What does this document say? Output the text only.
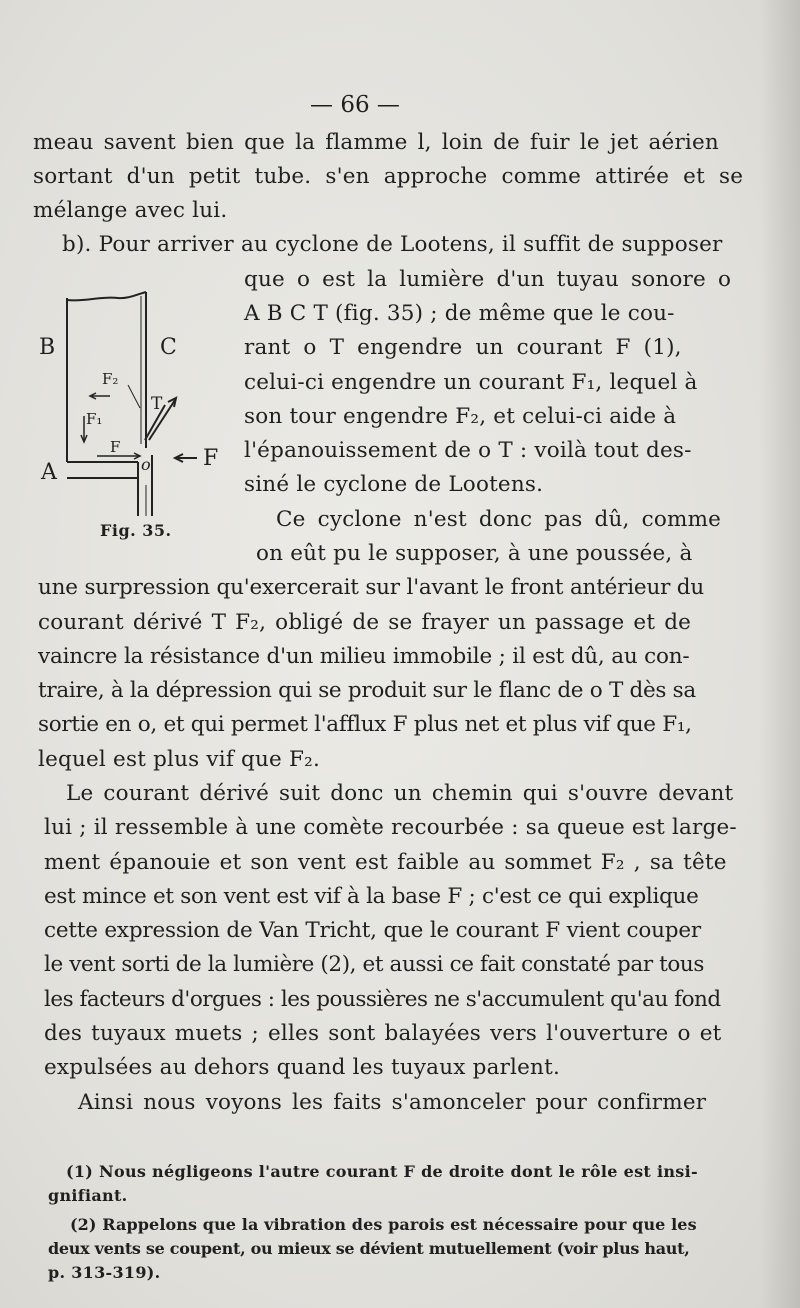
— 66 —
meau savent bien que la flamme l, loin de fuir le jet aérien
sortant d'un petit tube. s'en approche comme attirée et se
mélange avec lui.
b). Pour arriver au cyclone de Lootens, il suffit de supposer
que o est la lumière d'un tuyau sonore o
A B C T (fig. 35) ; de même que le cou-
rant o T engendre un courant F (1),
celui-ci engendre un courant F₁, lequel à
son tour engendre F₂, et celui-ci aide à
l'épanouissement de o T : voilà tout des-
siné le cyclone de Lootens.
Ce cyclone n'est donc pas dû, comme
on eût pu le supposer, à une poussée, à
une surpression qu'exercerait sur l'avant le front antérieur du
courant dérivé T F₂, obligé de se frayer un passage et de
vaincre la résistance d'un milieu immobile ; il est dû, au con-
traire, à la dépression qui se produit sur le flanc de o T dès sa
sortie en o, et qui permet l'afflux F plus net et plus vif que F₁,
lequel est plus vif que F₂.
Le courant dérivé suit donc un chemin qui s'ouvre devant
lui ; il ressemble à une comète recourbée : sa queue est large-
ment épanouie et son vent est faible au sommet F₂ , sa tête
est mince et son vent est vif à la base F ; c'est ce qui explique
cette expression de Van Tricht, que le courant F vient couper
le vent sorti de la lumière (2), et aussi ce fait constaté par tous
les facteurs d'orgues : les poussières ne s'accumulent qu'au fond
des tuyaux muets ; elles sont balayées vers l'ouverture o et
expulsées au dehors quand les tuyaux parlent.
Ainsi nous voyons les faits s'amonceler pour confirmer
B	C
A
F
F
F₁
F₂
T
o
Fig. 35.
(1) Nous négligeons l'autre courant F de droite dont le rôle est insi-
gnifiant.
(2) Rappelons que la vibration des parois est nécessaire pour que les
deux vents se coupent, ou mieux se dévient mutuellement (voir plus haut,
p. 313-319).
